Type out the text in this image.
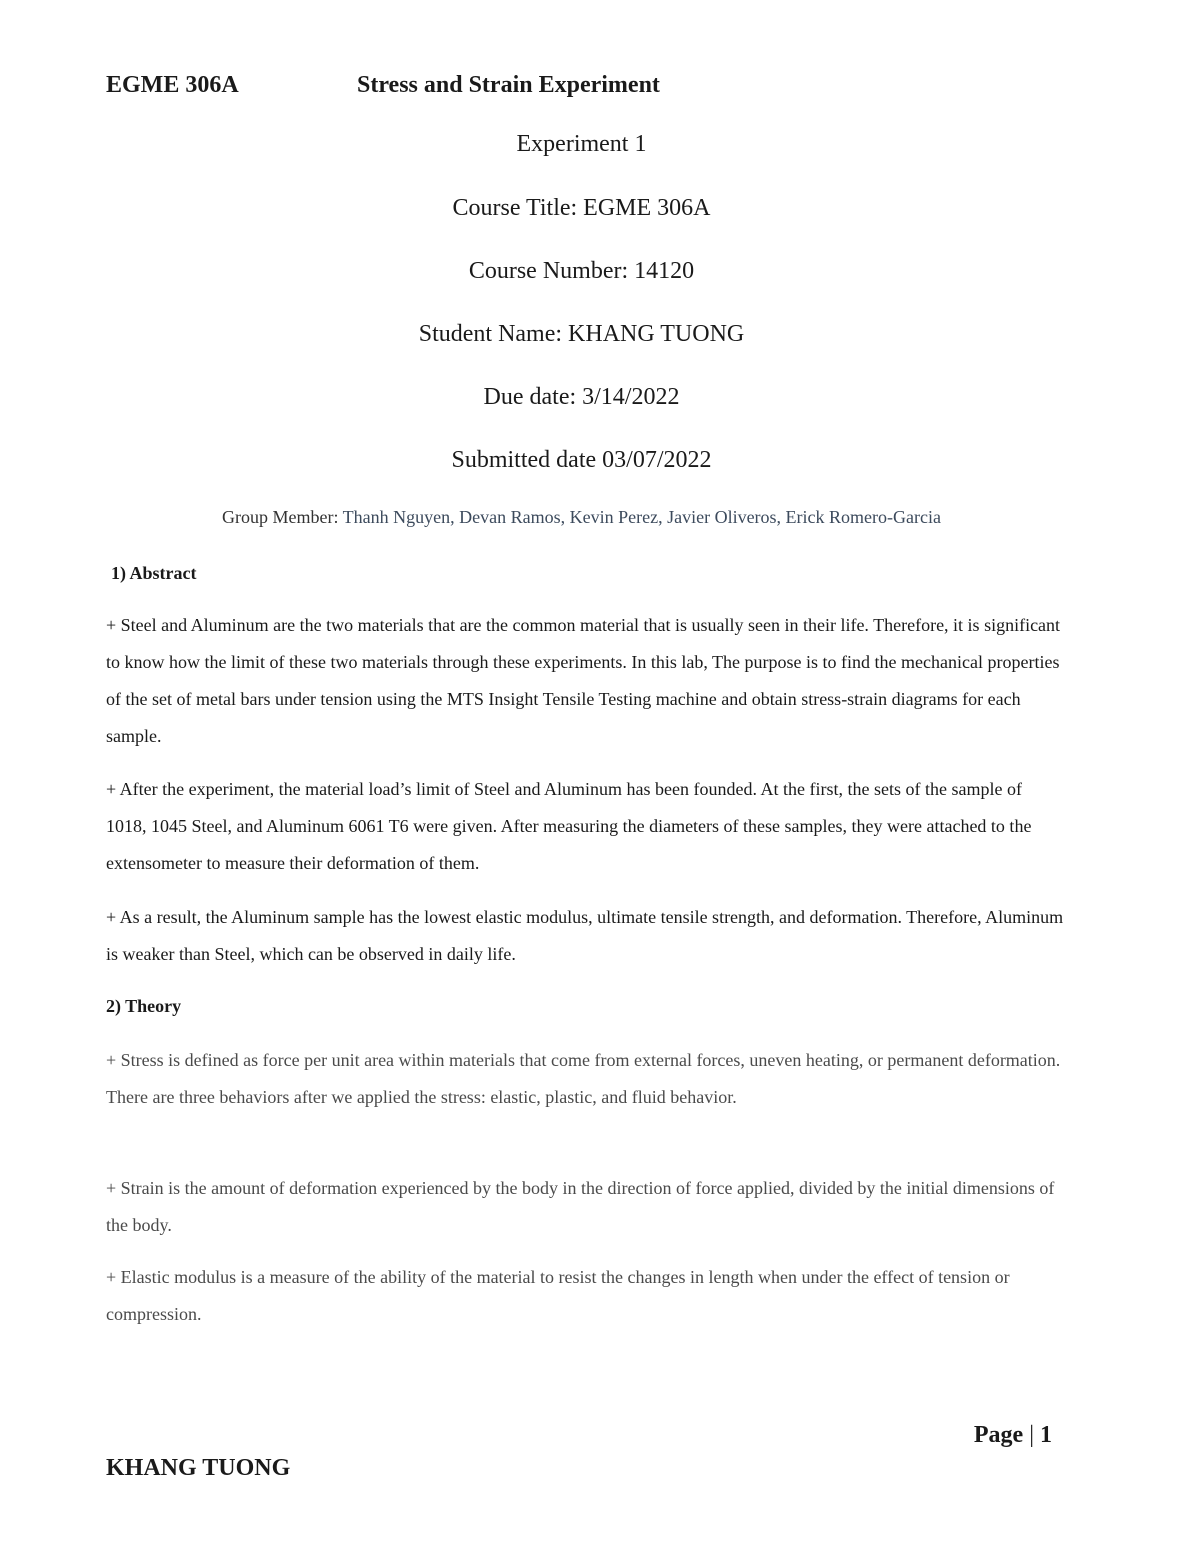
EGME 306A	Stress and Strain Experiment
Experiment 1
Course Title: EGME 306A
Course Number: 14120
Student Name: KHANG TUONG
Due date: 3/14/2022
Submitted date 03/07/2022
Group Member: Thanh Nguyen, Devan Ramos, Kevin Perez, Javier Oliveros, Erick Romero-Garcia
1) Abstract
+ Steel and Aluminum are the two materials that are the common material that is usually seen in their life. Therefore, it is significant to know how the limit of these two materials through these experiments. In this lab, The purpose is to find the mechanical properties of the set of metal bars under tension using the MTS Insight Tensile Testing machine and obtain stress-strain diagrams for each sample.
+ After the experiment, the material load’s limit of Steel and Aluminum has been founded. At the first, the sets of the sample of 1018, 1045 Steel, and Aluminum 6061 T6 were given. After measuring the diameters of these samples, they were attached to the extensometer to measure their deformation of them.
+ As a result, the Aluminum sample has the lowest elastic modulus, ultimate tensile strength, and deformation. Therefore, Aluminum is weaker than Steel, which can be observed in daily life.
2) Theory
+ Stress is defined as force per unit area within materials that come from external forces, uneven heating, or permanent deformation. There are three behaviors after we applied the stress: elastic, plastic, and fluid behavior.
+ Strain is the amount of deformation experienced by the body in the direction of force applied, divided by the initial dimensions of the body.
+ Elastic modulus is a measure of the ability of the material to resist the changes in length when under the effect of tension or compression.
Page | 1
KHANG TUONG
